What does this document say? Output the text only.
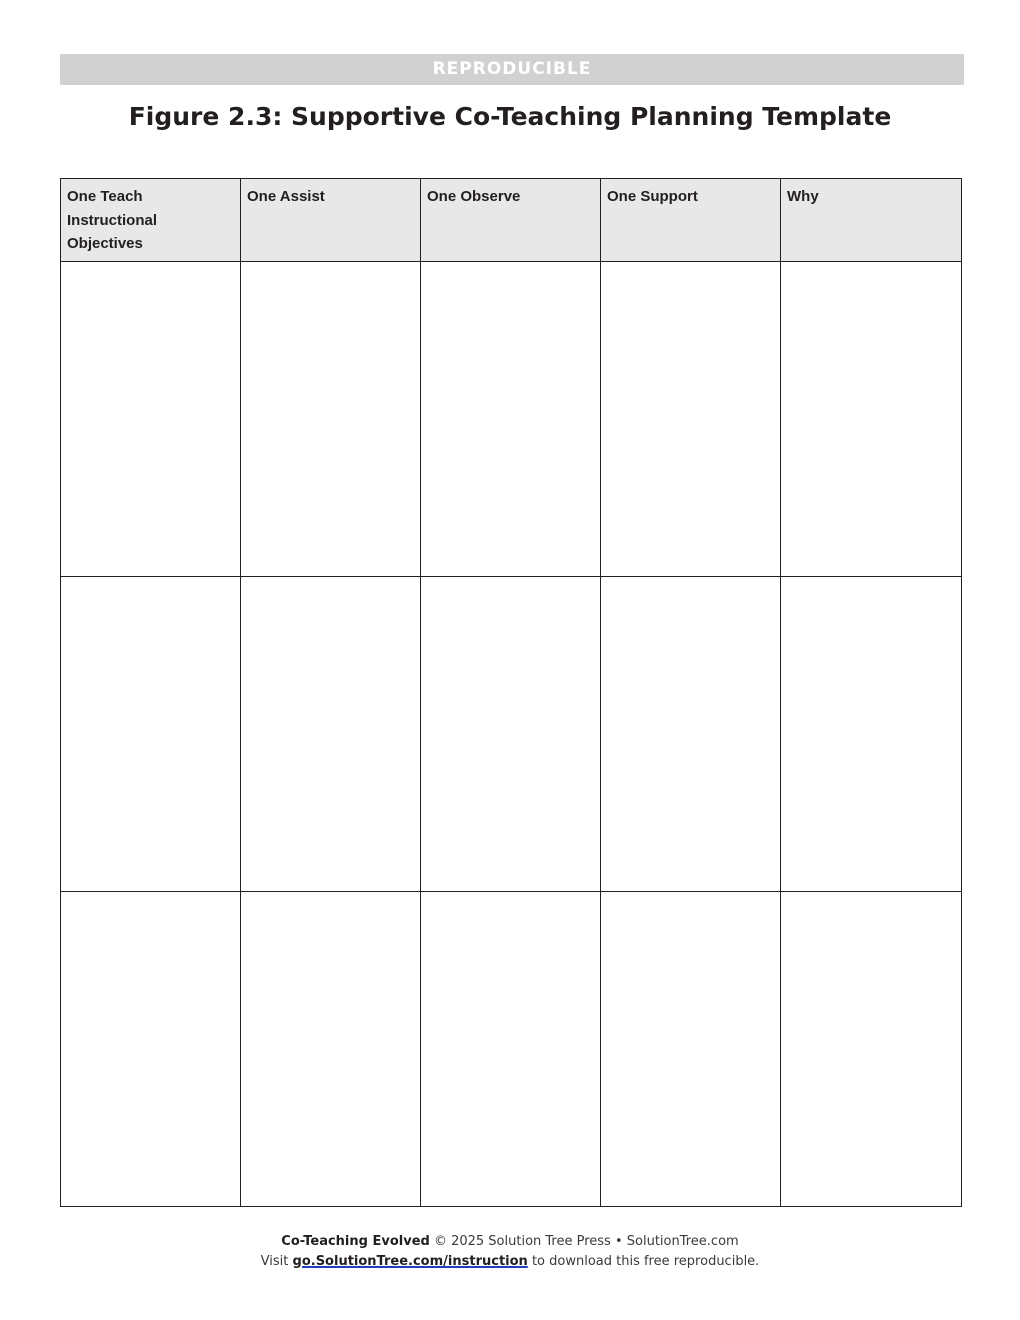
REPRODUCIBLE
Figure 2.3: Supportive Co-Teaching Planning Template
One Teach Instructional Objectives	One Assist	One Observe	One Support	Why

Co-Teaching Evolved © 2025 Solution Tree Press • SolutionTree.com
Visit go.SolutionTree.com/instruction to download this free reproducible.
